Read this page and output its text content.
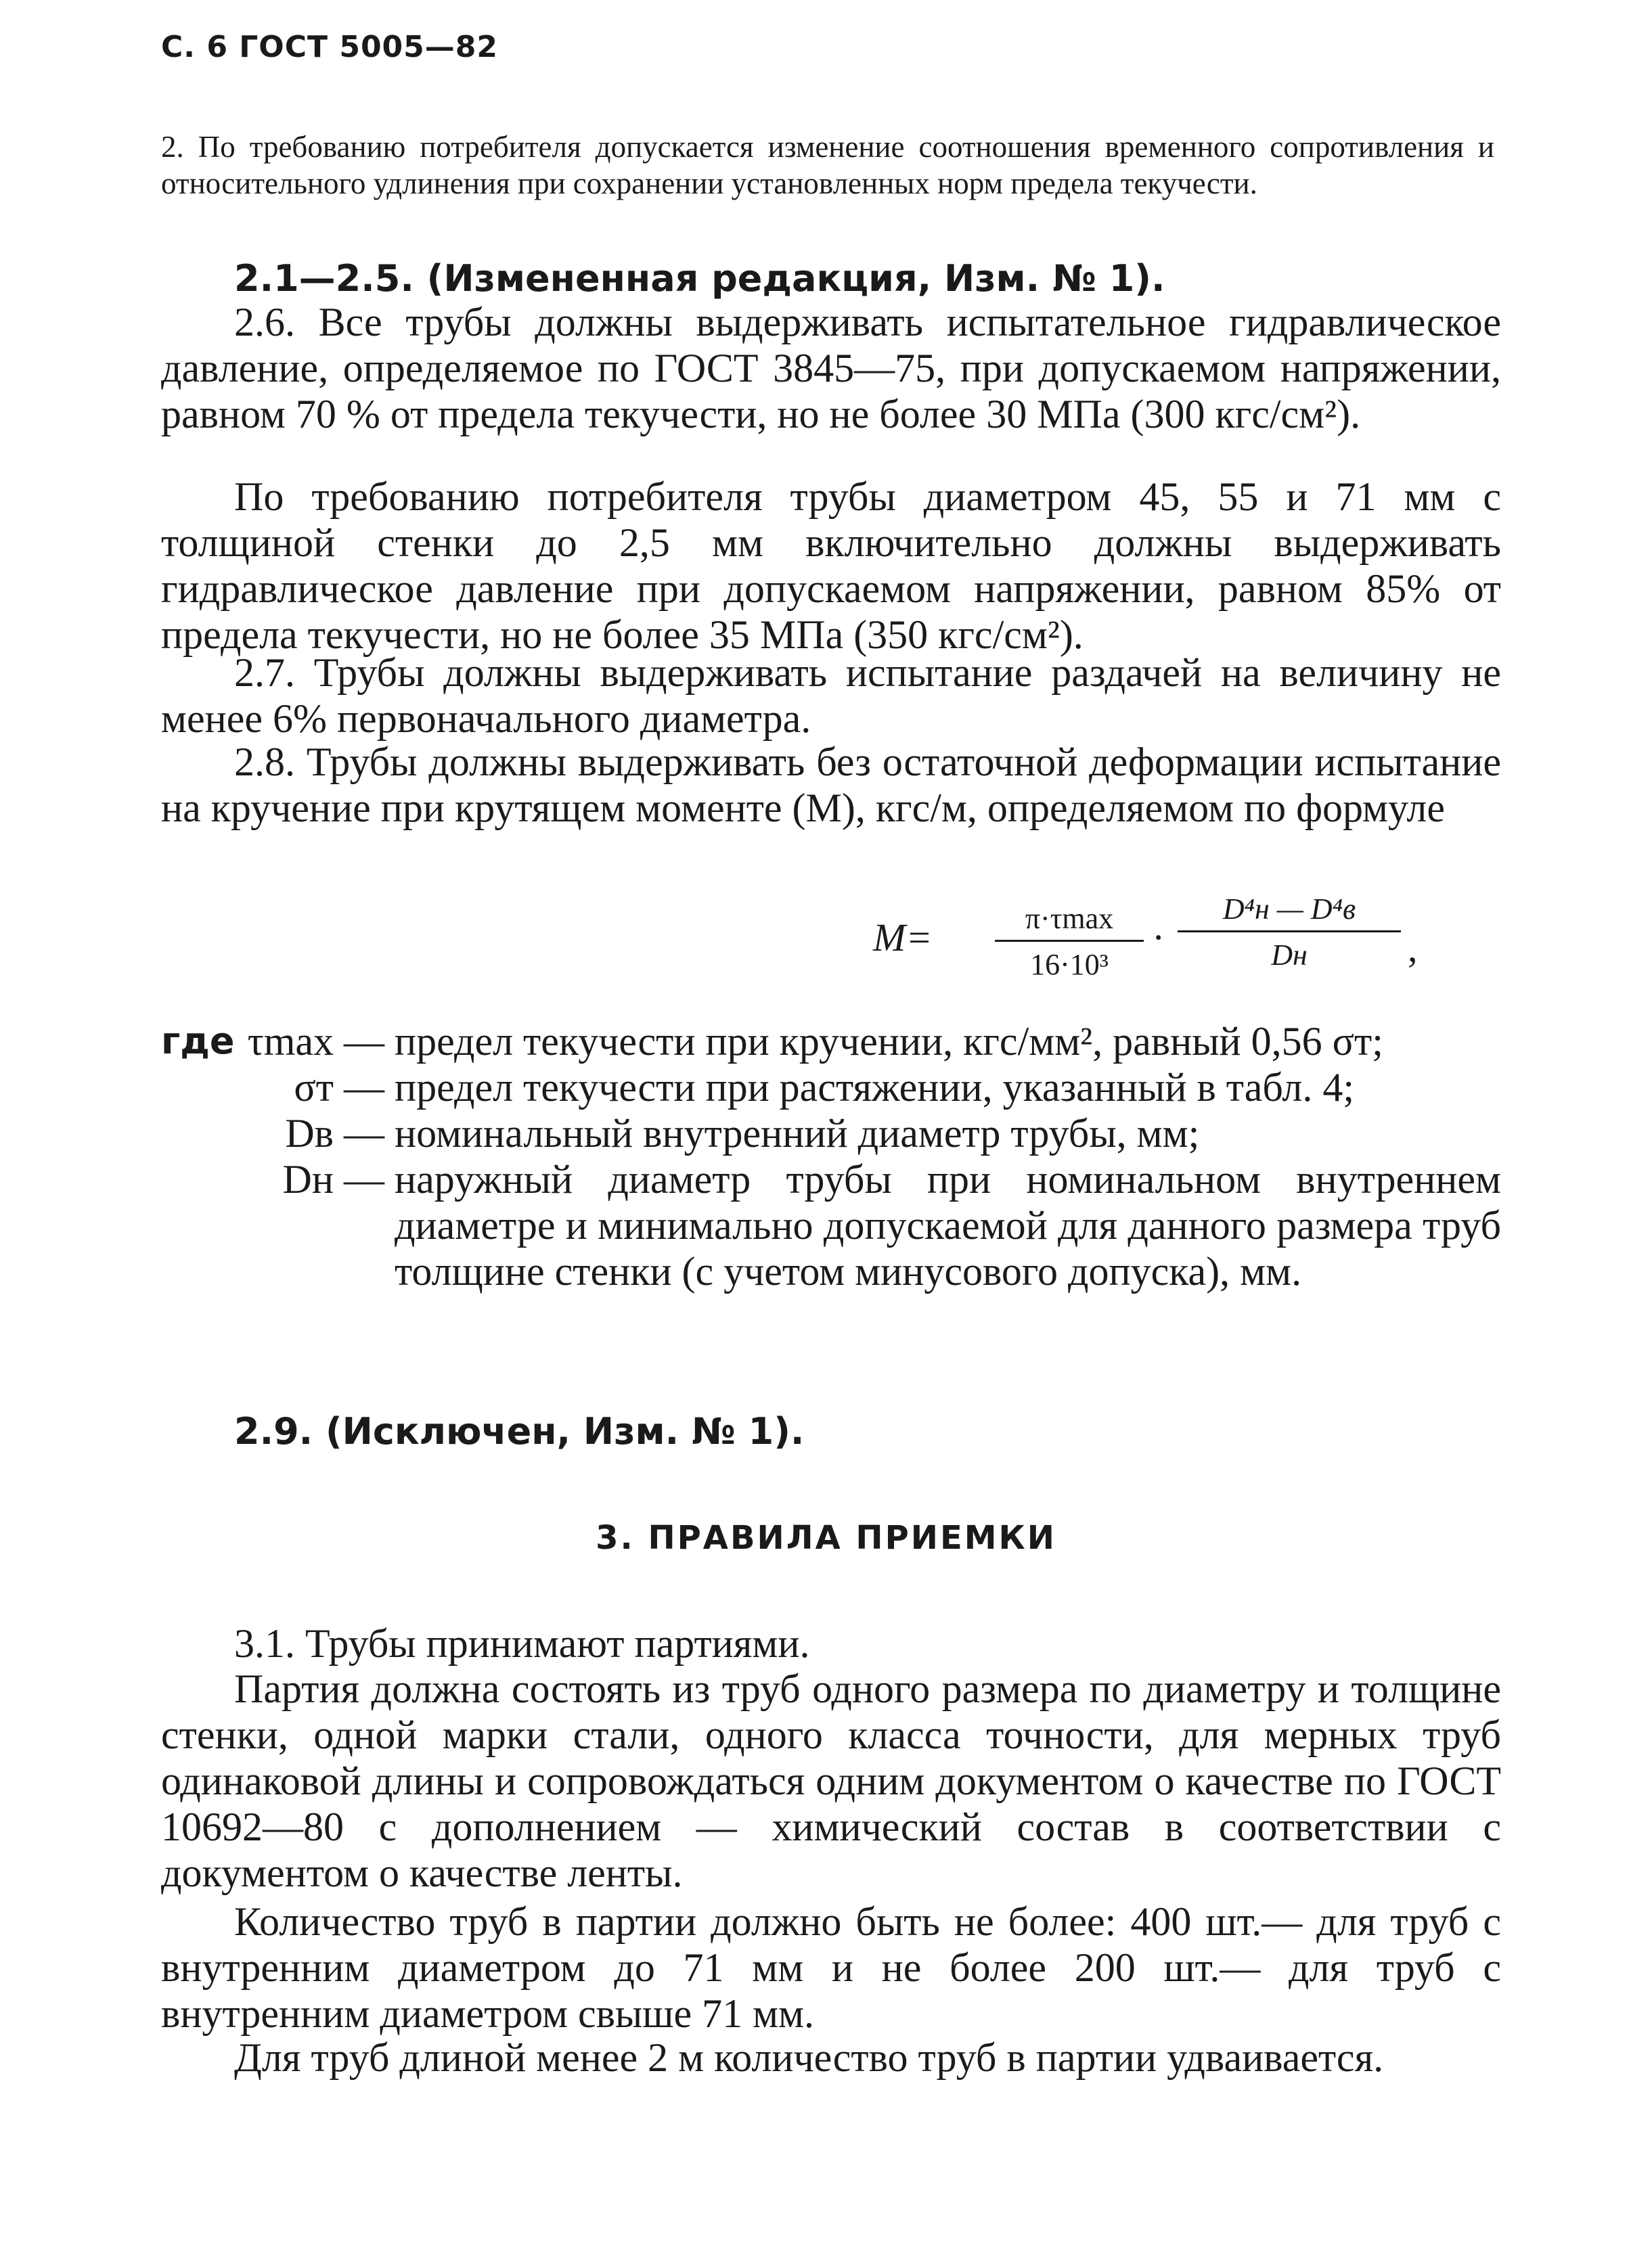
С. 6 ГОСТ 5005—82
2. По требованию потребителя допускается изменение соотношения временного сопротивления и относительного удлинения при сохранении установленных норм предела текучести.
2.1—2.5. (Измененная редакция, Изм. № 1).
2.6. Все трубы должны выдерживать испытательное гидравлическое давление, определяемое по ГОСТ 3845—75, при допускаемом напряжении, равном 70 % от предела текучести, но не более 30 МПа (300 кгс/см²).
По требованию потребителя трубы диаметром 45, 55 и 71 мм с толщиной стенки до 2,5 мм включительно должны выдерживать гидравлическое давление при допускаемом напряжении, равном 85% от предела текучести, но не более 35 МПа (350 кгс/см²).
2.7. Трубы должны выдерживать испытание раздачей на величину не менее 6% первоначального диаметра.
2.8. Трубы должны выдерживать без остаточной деформации испытание на кручение при крутящем моменте (М), кгс/м, определяемом по формуле
M=	π·τmax
16·10³
·
D⁴н — D⁴в
Dн	,
где τmax — предел текучести при кручении, кгс/мм², равный 0,56 σт;
σт — предел текучести при растяжении, указанный в табл. 4;
Dв — номинальный внутренний диаметр трубы, мм;
Dн — наружный диаметр трубы при номинальном внутреннем диаметре и минимально допускаемой для данного размера труб толщине стенки (с учетом минусового допуска), мм.
2.9. (Исключен, Изм. № 1).
3. ПРАВИЛА ПРИЕМКИ
3.1. Трубы принимают партиями.
Партия должна состоять из труб одного размера по диаметру и толщине стенки, одной марки стали, одного класса точности, для мерных труб одинаковой длины и сопровождаться одним документом о качестве по ГОСТ 10692—80 с дополнением — химический состав в соответствии с документом о качестве ленты.
Количество труб в партии должно быть не более: 400 шт.— для труб с внутренним диаметром до 71 мм и не более 200 шт.— для труб с внутренним диаметром свыше 71 мм.
Для труб длиной менее 2 м количество труб в партии удваивается.
